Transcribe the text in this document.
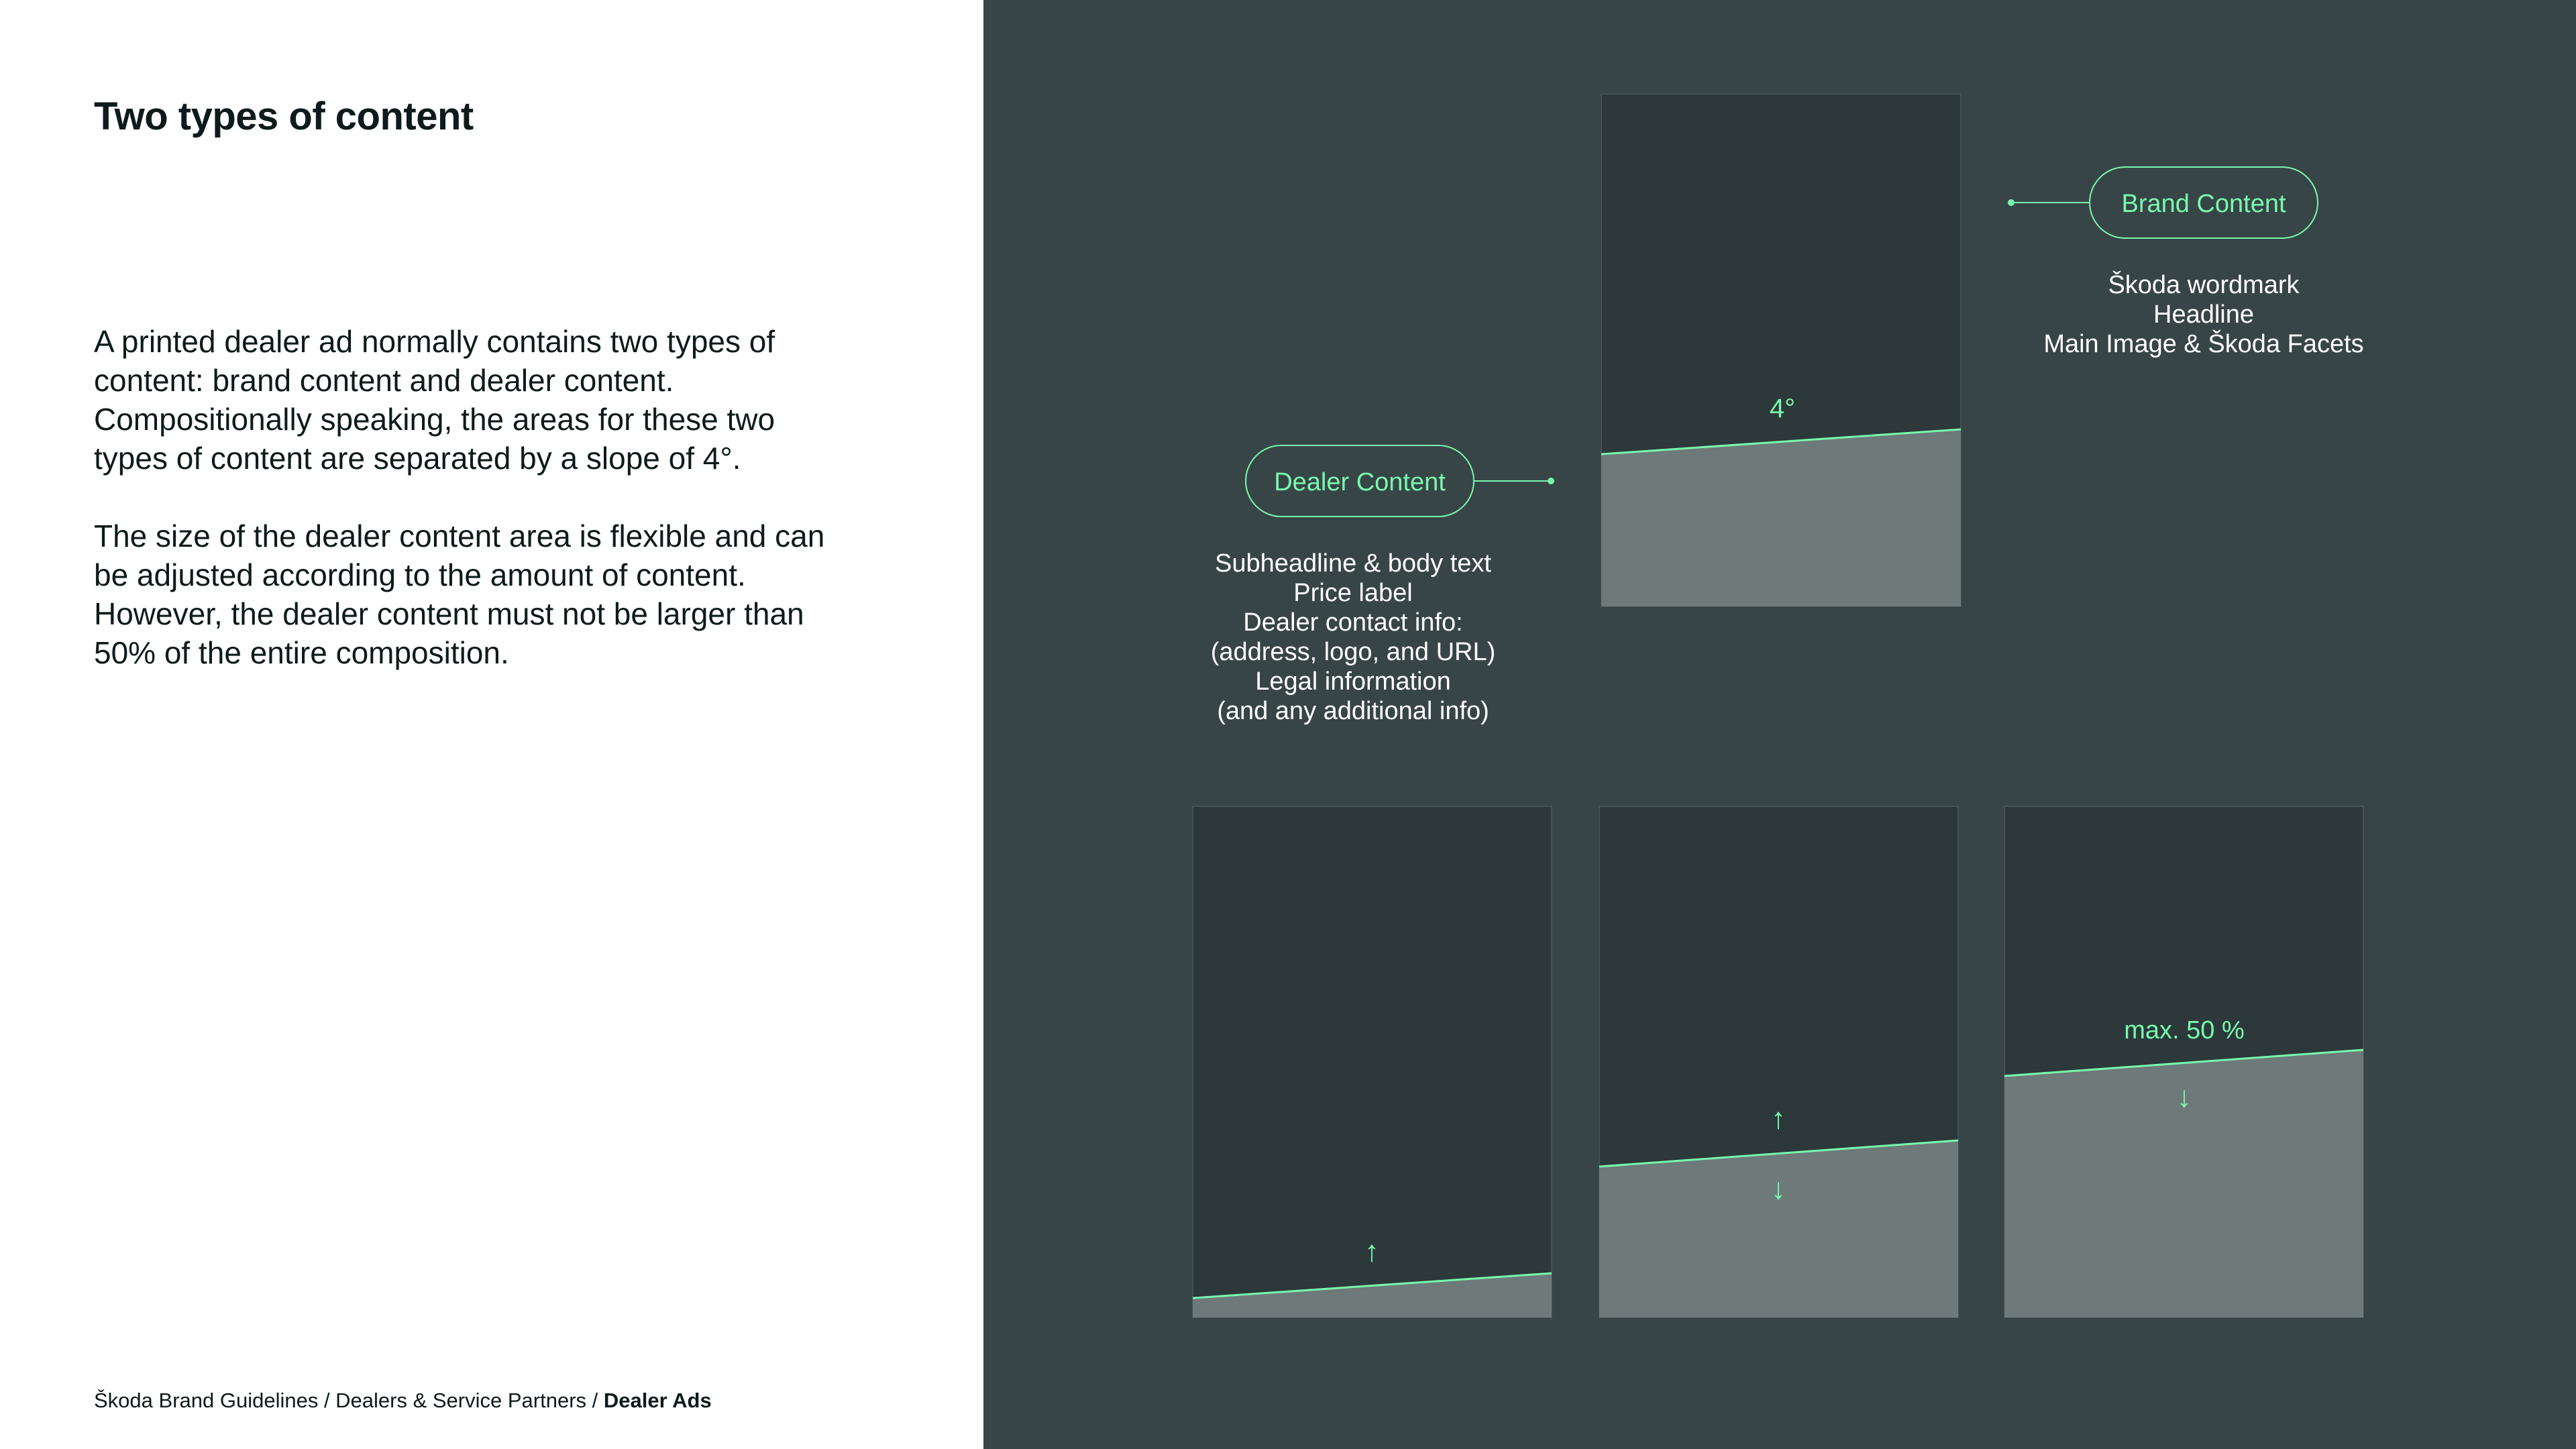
Two types of content

A printed dealer ad normally contains two types of content: brand content and dealer content. Compositionally speaking, the areas for these two types of content are separated by a slope of 4°.

The size of the dealer content area is flexible and can be adjusted according to the amount of content. However, the dealer content must not be larger than 50% of the entire composition.

Škoda Brand Guidelines / Dealers & Service Partners / Dealer Ads
4°
Brand Content
Škoda wordmark
Headline
Main Image & Škoda Facets
Dealer Content
Subheadline & body text
Price label
Dealer contact info:
(address, logo, and URL)
Legal information
(and any additional info)
↑
↑
↓
max. 50 %
↓
